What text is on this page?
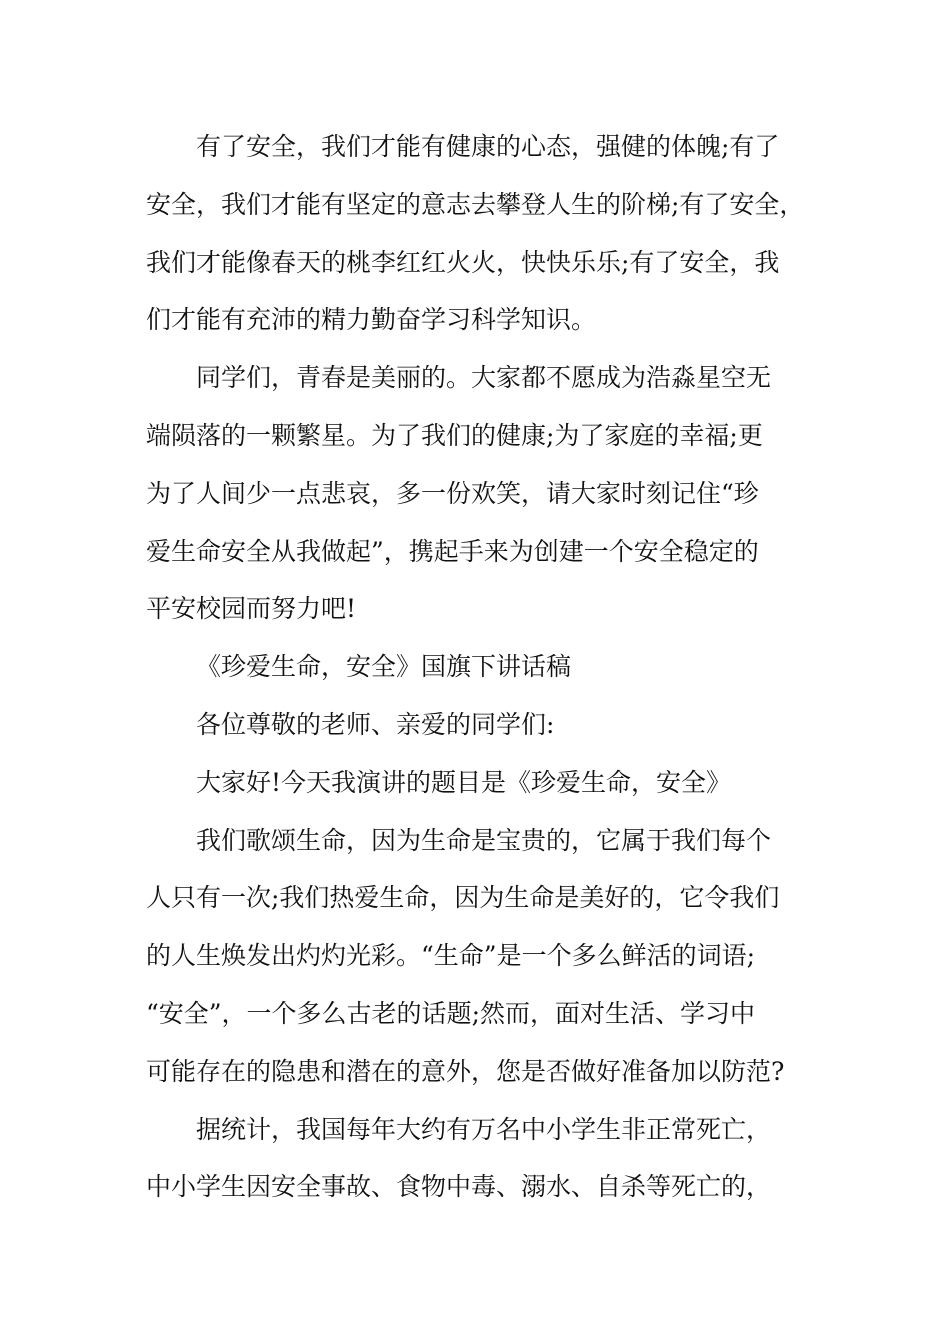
有了安全，我们才能有健康的心态，强健的体魄;有了
安全，我们才能有坚定的意志去攀登人生的阶梯;有了安全，
我们才能像春天的桃李红红火火，快快乐乐;有了安全，我
们才能有充沛的精力勤奋学习科学知识。
同学们，青春是美丽的。大家都不愿成为浩淼星空无
端陨落的一颗繁星。为了我们的健康;为了家庭的幸福;更
为了人间少一点悲哀，多一份欢笑，请大家时刻记住“珍
爱生命安全从我做起”，携起手来为创建一个安全稳定的
平安校园而努力吧!
《珍爱生命，安全》国旗下讲话稿
各位尊敬的老师、亲爱的同学们:
大家好!今天我演讲的题目是《珍爱生命，安全》
我们歌颂生命，因为生命是宝贵的，它属于我们每个
人只有一次;我们热爱生命，因为生命是美好的，它令我们
的人生焕发出灼灼光彩。“生命”是一个多么鲜活的词语;
“安全”，一个多么古老的话题;然而，面对生活、学习中
可能存在的隐患和潜在的意外，您是否做好准备加以防范?
据统计，我国每年大约有万名中小学生非正常死亡，
中小学生因安全事故、食物中毒、溺水、自杀等死亡的，
